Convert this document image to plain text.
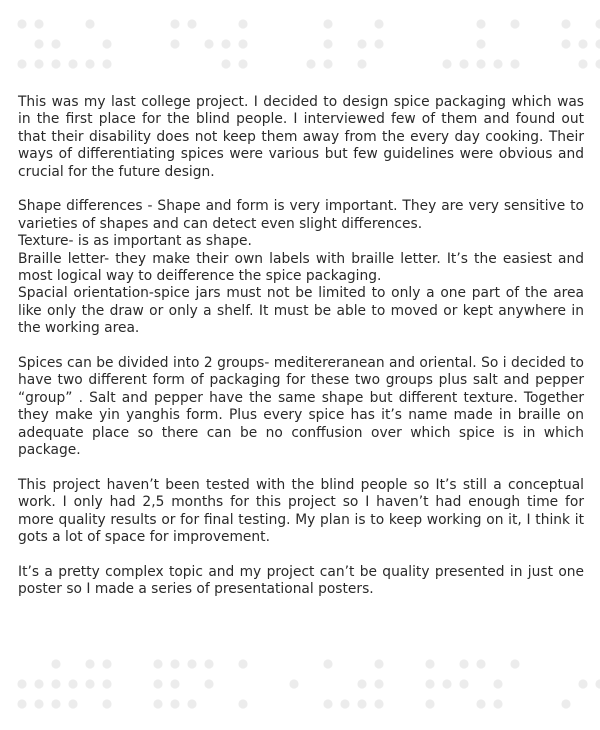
This was my last college project. I decided to design spice packaging which was in the first place for the blind people. I interviewed few of them and found out that their disability does not keep them away from the every day cooking. Their ways of differentiating spices were various but few guidelines were obvious and crucial for the future design.

Shape differences - Shape and form is very important. They are very sensitive to varieties of shapes and can detect even slight differences.
Texture- is as important as shape.
Braille letter- they make their own labels with braille letter. It’s the easiest and most logical way to deifference the spice packaging.
Spacial orientation-spice jars must not be limited to only a one part of the area like only the draw or only a shelf. It must be able to moved or kept anywhere in the working area.

Spices can be divided into 2 groups- meditereranean and oriental. So i decided to have two different form of packaging for these two groups plus salt and pepper “group” . Salt and pepper have the same shape but different texture. Together they make yin yanghis form. Plus every spice has it’s name made in braille on adequate place so there can be no conffusion over which spice is in which package.

This project haven’t been tested with the blind people so It’s still a conceptual work. I only had 2,5 months for this project so I haven’t had enough time for more quality results or for final testing. My plan is to keep working on it, I think it gots a lot of space for improvement.

It’s a pretty complex topic and my project can’t be quality presented in just one poster so I made a series of presentational posters.
